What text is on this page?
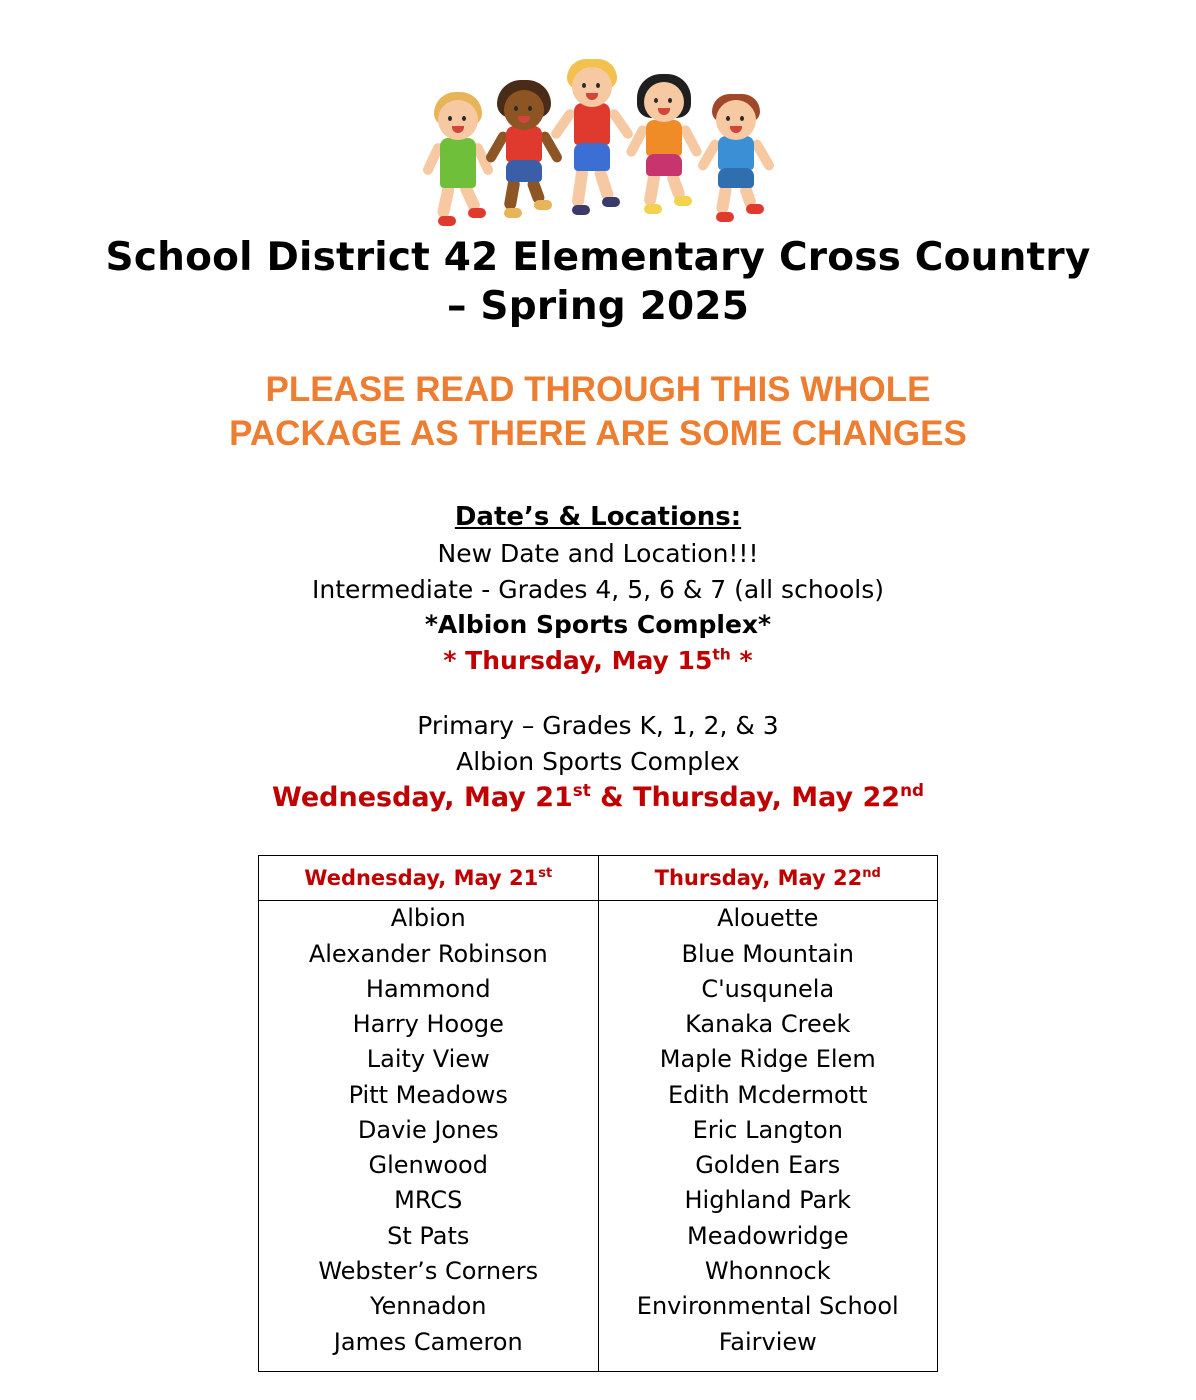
School District 42 Elementary Cross Country
– Spring 2025
PLEASE READ THROUGH THIS WHOLE
PACKAGE AS THERE ARE SOME CHANGES
Date’s & Locations:
New Date and Location!!!
Intermediate - Grades 4, 5, 6 & 7 (all schools)
*Albion Sports Complex*
* Thursday, May 15th *
Primary – Grades K, 1, 2, & 3
Albion Sports Complex
Wednesday, May 21st & Thursday, May 22nd
Wednesday, May 21st	Thursday, May 22nd
Albion	Alouette
Alexander Robinson	Blue Mountain
Hammond	C'usqunela
Harry Hooge	Kanaka Creek
Laity View	Maple Ridge Elem
Pitt Meadows	Edith Mcdermott
Davie Jones	Eric Langton
Glenwood	Golden Ears
MRCS	Highland Park
St Pats	Meadowridge
Webster’s Corners	Whonnock
Yennadon	Environmental School
James Cameron	Fairview
